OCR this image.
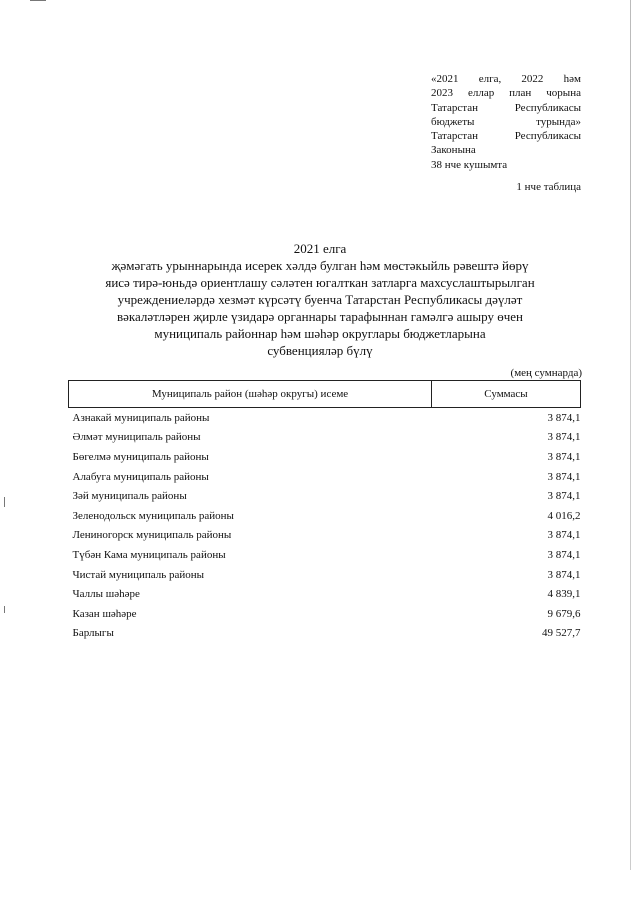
«2021 елга, 2022 һәм
2023 еллар план чорына
Татарстан	Республикасы
бюджеты	турында»
Татарстан	Республикасы
Законына
38 нче кушымта
1 нче таблица
2021 елга
җәмәгать урыннарында исерек хәлдә булган һәм мөстәкыйль рәвештә йөрү
яисә тирә-юньдә ориентлашу сәләтен югалткан затларга махсуслаштырылган
учреждениеләрдә хезмәт күрсәтү буенча Татарстан Республикасы дәүләт
вәкаләтләрен җирле үзидарә органнары тарафыннан гамәлгә ашыру өчен
муниципаль районнар һәм шәһәр округлары бюджетларына
субвенцияләр бүлү
(мең сумнарда)
Муниципаль район (шәһәр округы) исеме	Суммасы
Азнакай муниципаль районы	3 874,1
Әлмәт муниципаль районы	3 874,1
Бөгелмә муниципаль районы	3 874,1
Алабуга муниципаль районы	3 874,1
Зәй муниципаль районы	3 874,1
Зеленодольск муниципаль районы	4 016,2
Лениногорск муниципаль районы	3 874,1
Түбән Кама муниципаль районы	3 874,1
Чистай муниципаль районы	3 874,1
Чаллы шәһәре	4 839,1
Казан шәһәре	9 679,6
Барлыгы	49 527,7
